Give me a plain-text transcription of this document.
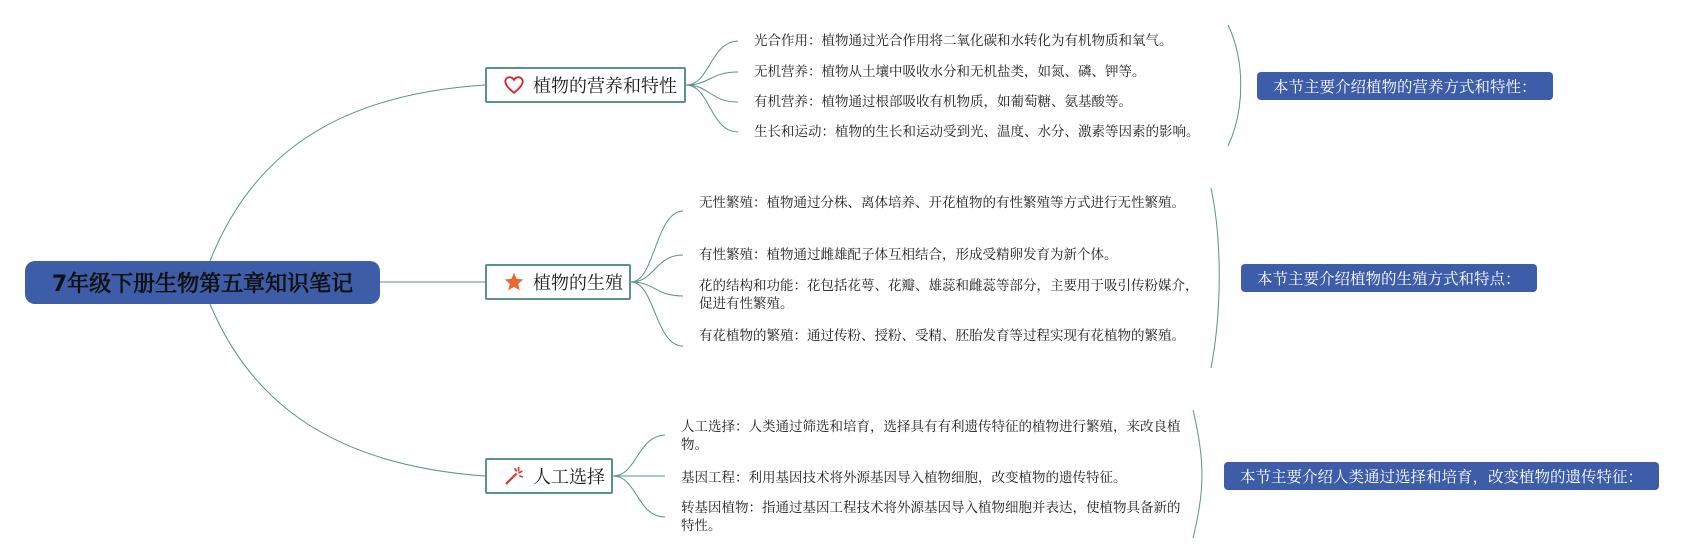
7年级下册生物第五章知识笔记
植物的营养和特性
光合作用：植物通过光合作用将二氧化碳和水转化为有机物质和氧气。
无机营养：植物从土壤中吸收水分和无机盐类，如氮、磷、钾等。
有机营养：植物通过根部吸收有机物质，如葡萄糖、氨基酸等。
生长和运动：植物的生长和运动受到光、温度、水分、激素等因素的影响。
本节主要介绍植物的营养方式和特性：
植物的生殖
无性繁殖：植物通过分株、离体培养、开花植物的有性繁殖等方式进行无性繁殖。
有性繁殖：植物通过雌雄配子体互相结合，形成受精卵发育为新个体。
花的结构和功能：花包括花萼、花瓣、雄蕊和雌蕊等部分，主要用于吸引传粉媒介，促进有性繁殖。
有花植物的繁殖：通过传粉、授粉、受精、胚胎发育等过程实现有花植物的繁殖。
本节主要介绍植物的生殖方式和特点：
人工选择
人工选择：人类通过筛选和培育，选择具有有利遗传特征的植物进行繁殖，来改良植物。
基因工程：利用基因技术将外源基因导入植物细胞，改变植物的遗传特征。
转基因植物：指通过基因工程技术将外源基因导入植物细胞并表达，使植物具备新的特性。
本节主要介绍人类通过选择和培育，改变植物的遗传特征：
